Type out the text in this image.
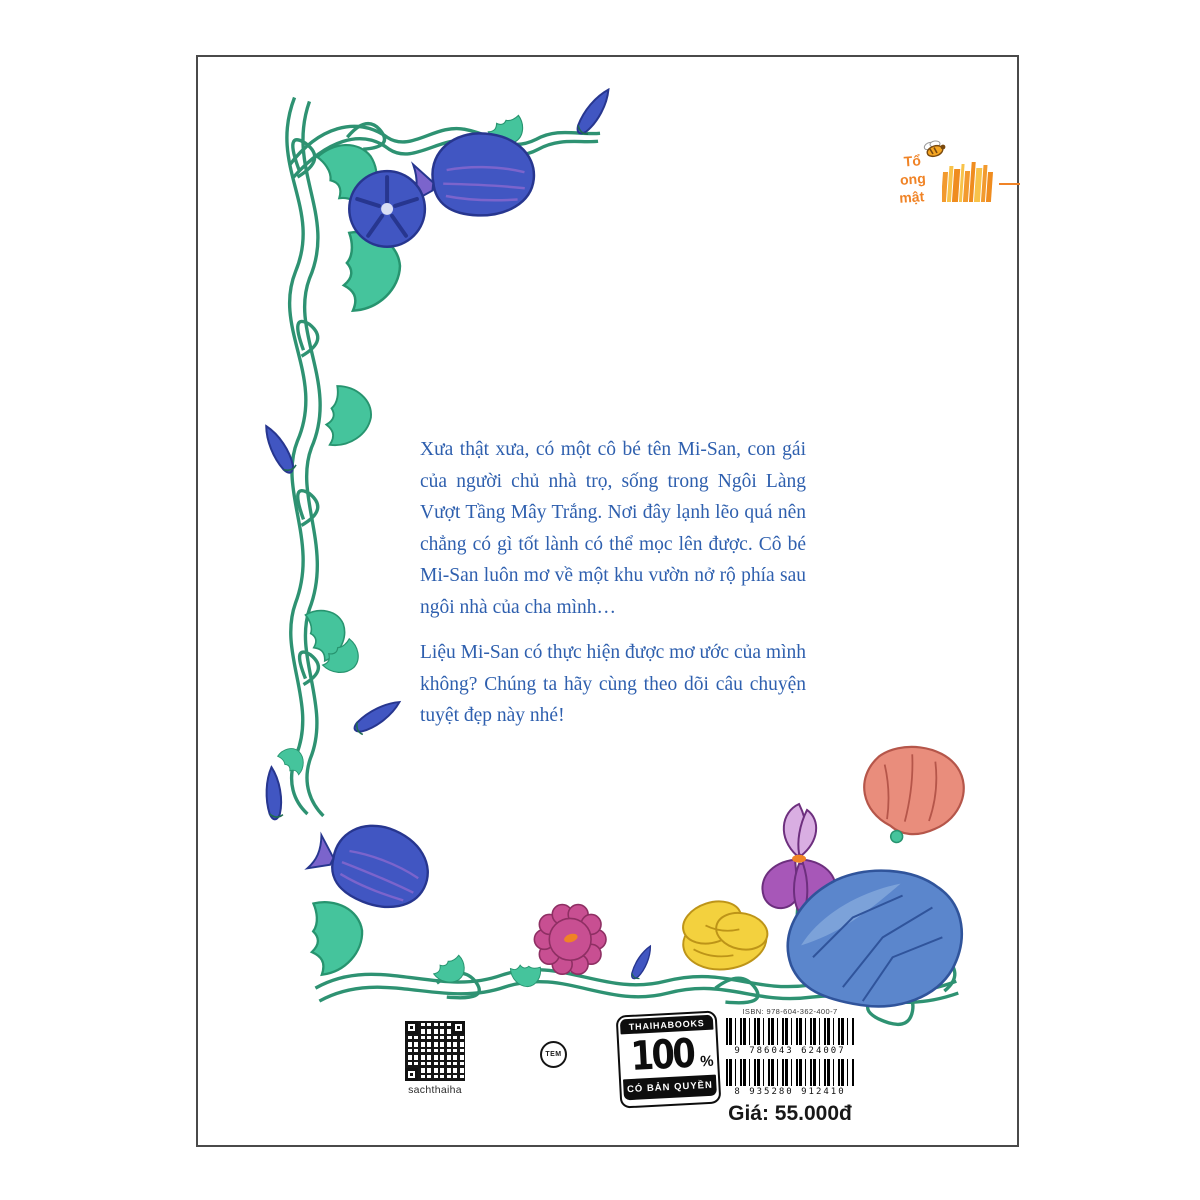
Tổ
ong
mật

Xưa thật xưa, có một cô bé tên Mi-San, con gái của người chủ nhà trọ, sống trong Ngôi Làng Vượt Tầng Mây Trắng. Nơi đây lạnh lẽo quá nên chẳng có gì tốt lành có thể mọc lên được. Cô bé Mi-San luôn mơ về một khu vườn nở rộ phía sau ngôi nhà của cha mình…

Liệu Mi-San có thực hiện được mơ ước của mình không? Chúng ta hãy cùng theo dõi câu chuyện tuyệt đẹp này nhé!

sachthaiha
TEM
THAIHABOOKS
100 %
CÓ BẢN QUYỀN
ISBN: 978-604-362-400-7
9 786043 624007
8 935280 912410
Giá: 55.000đ
